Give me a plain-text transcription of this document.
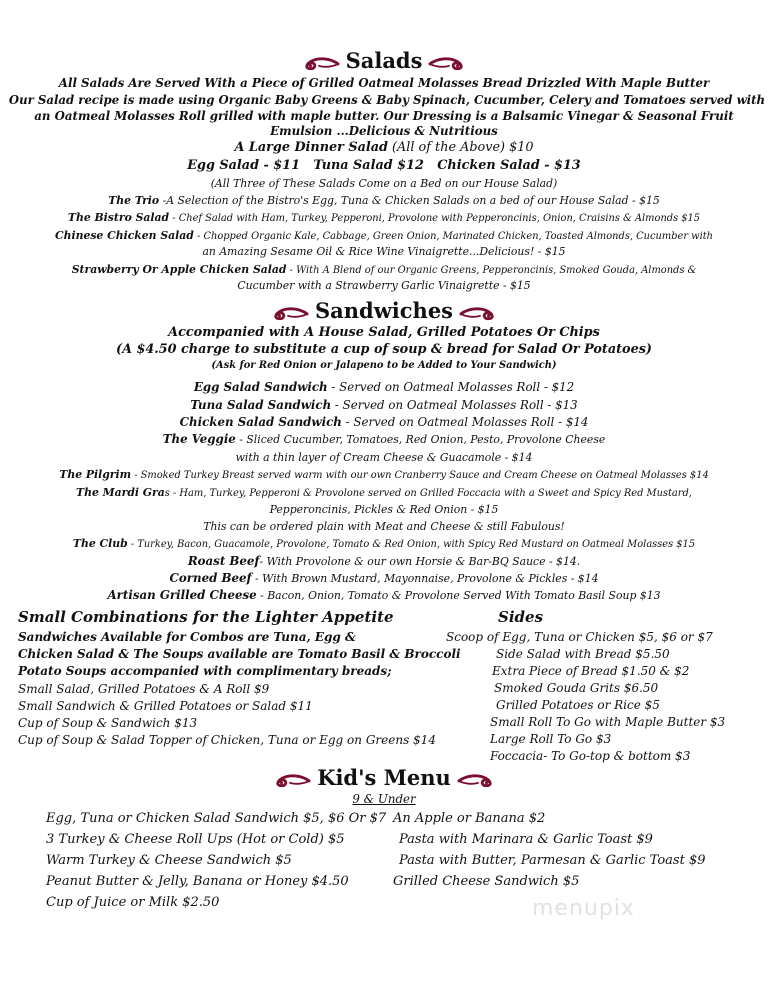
Salads
All Salads Are Served With a Piece of Grilled Oatmeal Molasses Bread Drizzled With Maple Butter
Our Salad recipe is made using Organic Baby Greens & Baby Spinach, Cucumber, Celery and Tomatoes served with
an Oatmeal Molasses Roll grilled with maple butter. Our Dressing is a Balsamic Vinegar & Seasonal Fruit
Emulsion ...Delicious & Nutritious
A Large Dinner Salad (All of the Above) $10
Egg Salad - $11 Tuna Salad $12 Chicken Salad - $13
(All Three of These Salads Come on a Bed on our House Salad)
The Trio -A Selection of the Bistro's Egg, Tuna & Chicken Salads on a bed of our House Salad - $15
The Bistro Salad - Chef Salad with Ham, Turkey, Pepperoni, Provolone with Pepperoncinis, Onion, Craisins & Almonds $15
Chinese Chicken Salad - Chopped Organic Kale, Cabbage, Green Onion, Marinated Chicken, Toasted Almonds, Cucumber with
an Amazing Sesame Oil & Rice Wine Vinaigrette...Delicious! - $15
Strawberry Or Apple Chicken Salad - With A Blend of our Organic Greens, Pepperoncinis, Smoked Gouda, Almonds &
Cucumber with a Strawberry Garlic Vinaigrette - $15
Sandwiches
Accompanied with A House Salad, Grilled Potatoes Or Chips
(A $4.50 charge to substitute a cup of soup & bread for Salad Or Potatoes)
(Ask for Red Onion or Jalapeno to be Added to Your Sandwich)
Egg Salad Sandwich - Served on Oatmeal Molasses Roll - $12
Tuna Salad Sandwich - Served on Oatmeal Molasses Roll - $13
Chicken Salad Sandwich - Served on Oatmeal Molasses Roll - $14
The Veggie - Sliced Cucumber, Tomatoes, Red Onion, Pesto, Provolone Cheese
with a thin layer of Cream Cheese & Guacamole - $14
The Pilgrim - Smoked Turkey Breast served warm with our own Cranberry Sauce and Cream Cheese on Oatmeal Molasses $14
The Mardi Gras - Ham, Turkey, Pepperoni & Provolone served on Grilled Foccacia with a Sweet and Spicy Red Mustard,
Pepperoncinis, Pickles & Red Onion - $15
This can be ordered plain with Meat and Cheese & still Fabulous!
The Club - Turkey, Bacon, Guacamole, Provolone, Tomato & Red Onion, with Spicy Red Mustard on Oatmeal Molasses $15
Roast Beef- With Provolone & our own Horsie & Bar-BQ Sauce - $14.
Corned Beef - With Brown Mustard, Mayonnaise, Provolone & Pickles - $14
Artisan Grilled Cheese - Bacon, Onion, Tomato & Provolone Served With Tomato Basil Soup $13
Small Combinations for the Lighter Appetite
Sandwiches Available for Combos are Tuna, Egg &
Chicken Salad & The Soups available are Tomato Basil & Broccoli
Potato Soups accompanied with complimentary breads;
Small Salad, Grilled Potatoes & A Roll $9
Small Sandwich & Grilled Potatoes or Salad $11
Cup of Soup & Sandwich $13
Cup of Soup & Salad Topper of Chicken, Tuna or Egg on Greens $14
Sides
Scoop of Egg, Tuna or Chicken $5, $6 or $7
Side Salad with Bread $5.50
Extra Piece of Bread $1.50 & $2
Smoked Gouda Grits $6.50
Grilled Potatoes or Rice $5
Small Roll To Go with Maple Butter $3
Large Roll To Go $3
Foccacia- To Go-top & bottom $3
Kid's Menu
9 & Under
Egg, Tuna or Chicken Salad Sandwich $5, $6 Or $7
3 Turkey & Cheese Roll Ups (Hot or Cold) $5
Warm Turkey & Cheese Sandwich $5
Peanut Butter & Jelly, Banana or Honey $4.50
Cup of Juice or Milk $2.50
An Apple or Banana $2
Pasta with Marinara & Garlic Toast $9
Pasta with Butter, Parmesan & Garlic Toast $9
Grilled Cheese Sandwich $5
menupix
